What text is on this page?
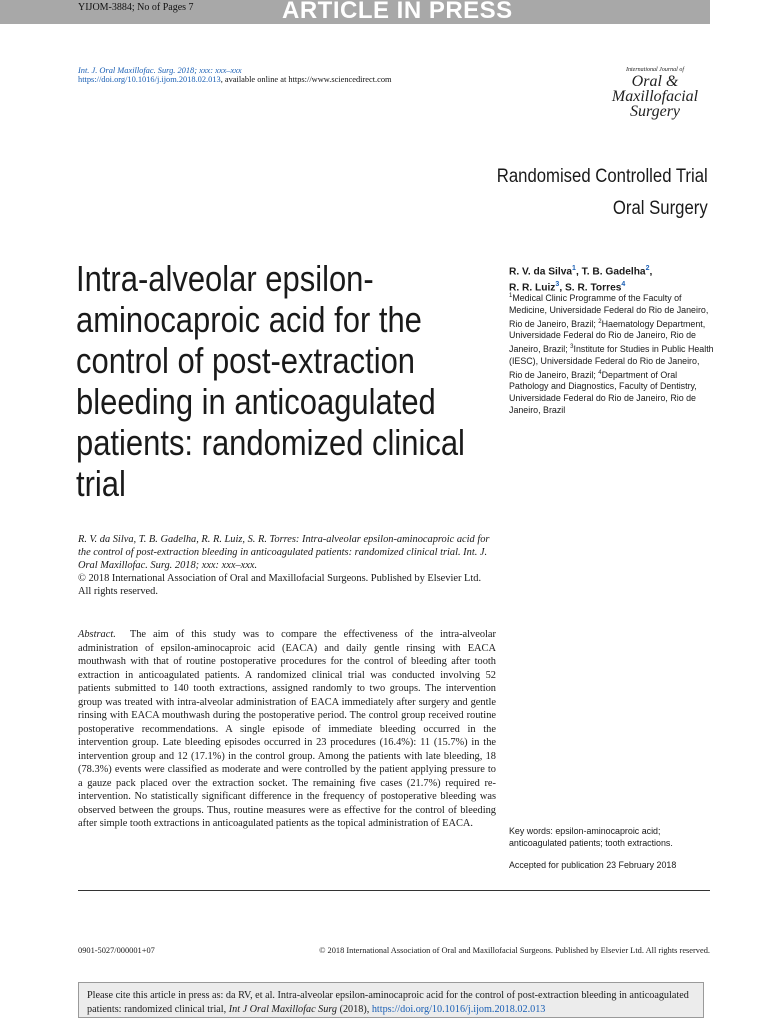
YIJOM-3884; No of Pages 7	ARTICLE IN PRESS
Int. J. Oral Maxillofac. Surg. 2018; xxx: xxx–xxx
https://doi.org/10.1016/j.ijom.2018.02.013, available online at https://www.sciencedirect.com
International Journal of
Oral &
Maxillofacial
Surgery
Randomised Controlled Trial
Oral Surgery
Intra-alveolar epsilon-
aminocaproic acid for the
control of post-extraction
bleeding in anticoagulated
patients: randomized clinical
trial
R. V. da Silva$^1$, T. B. Gadelha$^2$,
R. R. Luiz$^3$, S. R. Torres$^4$
$^1$Medical Clinic Programme of the Faculty of Medicine, Universidade Federal do Rio de Janeiro, Rio de Janeiro, Brazil; $^2$Haematology Department, Universidade Federal do Rio de Janeiro, Rio de Janeiro, Brazil; $^3$Institute for Studies in Public Health (IESC), Universidade Federal do Rio de Janeiro, Rio de Janeiro, Brazil; $^4$Department of Oral Pathology and Diagnostics, Faculty of Dentistry, Universidade Federal do Rio de Janeiro, Rio de Janeiro, Brazil
R. V. da Silva, T. B. Gadelha, R. R. Luiz, S. R. Torres: Intra-alveolar epsilon-aminocaproic acid for the control of post-extraction bleeding in anticoagulated patients: randomized clinical trial. Int. J. Oral Maxillofac. Surg. 2018; xxx: xxx–xxx.
© 2018 International Association of Oral and Maxillofacial Surgeons. Published by Elsevier Ltd. All rights reserved.
Abstract. The aim of this study was to compare the effectiveness of the intra-alveolar administration of epsilon-aminocaproic acid (EACA) and daily gentle rinsing with EACA mouthwash with that of routine postoperative procedures for the control of bleeding after tooth extraction in anticoagulated patients. A randomized clinical trial was conducted involving 52 patients submitted to 140 tooth extractions, assigned randomly to two groups. The intervention group was treated with intra-alveolar administration of EACA immediately after surgery and gentle rinsing with EACA mouthwash during the postoperative period. The control group received routine postoperative recommendations. A single episode of immediate bleeding occurred in the intervention group. Late bleeding episodes occurred in 23 procedures (16.4%): 11 (15.7%) in the intervention group and 12 (17.1%) in the control group. Among the patients with late bleeding, 18 (78.3%) events were classified as moderate and were controlled by the patient applying pressure to a gauze pack placed over the extraction socket. The remaining five cases (21.7%) required re-intervention. No statistically significant difference in the frequency of postoperative bleeding was observed between the groups. Thus, routine measures were as effective for the control of bleeding after simple tooth extractions in anticoagulated patients as the topical administration of EACA.
Key words: epsilon-aminocaproic acid; anticoagulated patients; tooth extractions.
Accepted for publication 23 February 2018
0901-5027/000001+07	© 2018 International Association of Oral and Maxillofacial Surgeons. Published by Elsevier Ltd. All rights reserved.
Please cite this article in press as: da RV, et al. Intra-alveolar epsilon-aminocaproic acid for the control of post-extraction bleeding in anticoagulated patients: randomized clinical trial, Int J Oral Maxillofac Surg (2018), https://doi.org/10.1016/j.ijom.2018.02.013
